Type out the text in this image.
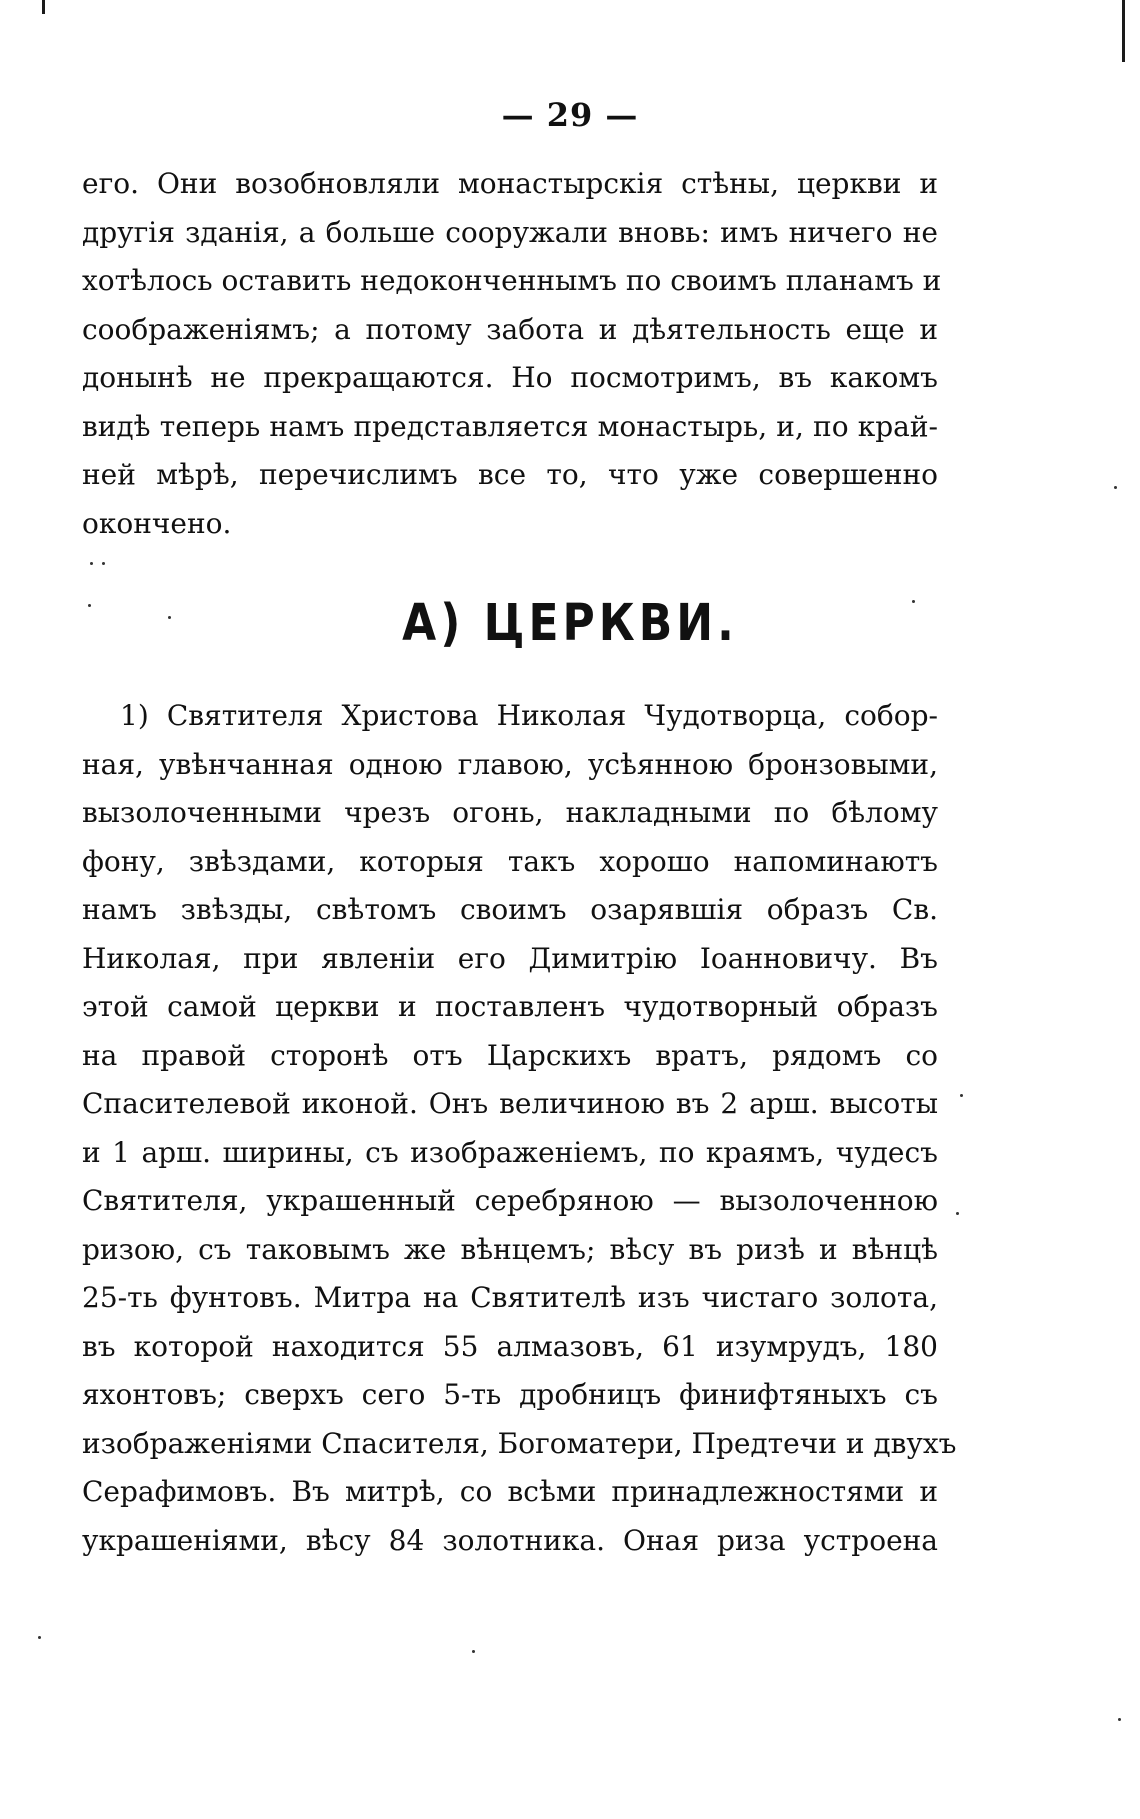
— 29 —
его. Они возобновляли монастырскія стѣны, церкви и
другія зданія, а больше сооружали вновь: имъ ничего не
хотѣлось оставить недоконченнымъ по своимъ планамъ и
соображеніямъ; а потому забота и дѣятельность еще и
донынѣ не прекращаются. Но посмотримъ, въ какомъ
видѣ теперь намъ представляется монастырь, и, по край-
ней мѣрѣ, перечислимъ все то, что уже совершенно
окончено.
А) ЦЕРКВИ.
1) Святителя Христова Николая Чудотворца, собор-
ная, увѣнчанная одною главою, усѣянною бронзовыми,
вызолоченными чрезъ огонь, накладными по бѣлому
фону, звѣздами, которыя такъ хорошо напоминаютъ
намъ звѣзды, свѣтомъ своимъ озарявшія образъ Св.
Николая, при явленіи его Димитрію Іоанновичу. Въ
этой самой церкви и поставленъ чудотворный образъ
на правой сторонѣ отъ Царскихъ вратъ, рядомъ со
Спасителевой иконой. Онъ величиною въ 2 арш. высоты
и 1 арш. ширины, съ изображеніемъ, по краямъ, чудесъ
Святителя, украшенный серебряною — вызолоченною
ризою, съ таковымъ же вѣнцемъ; вѣсу въ ризѣ и вѣнцѣ
25-ть фунтовъ. Митра на Святителѣ изъ чистаго золота,
въ которой находится 55 алмазовъ, 61 изумрудъ, 180
яхонтовъ; сверхъ сего 5-ть дробницъ финифтяныхъ съ
изображеніями Спасителя, Богоматери, Предтечи и двухъ
Серафимовъ. Въ митрѣ, со всѣми принадлежностями и
украшеніями, вѣсу 84 золотника. Оная риза устроена
